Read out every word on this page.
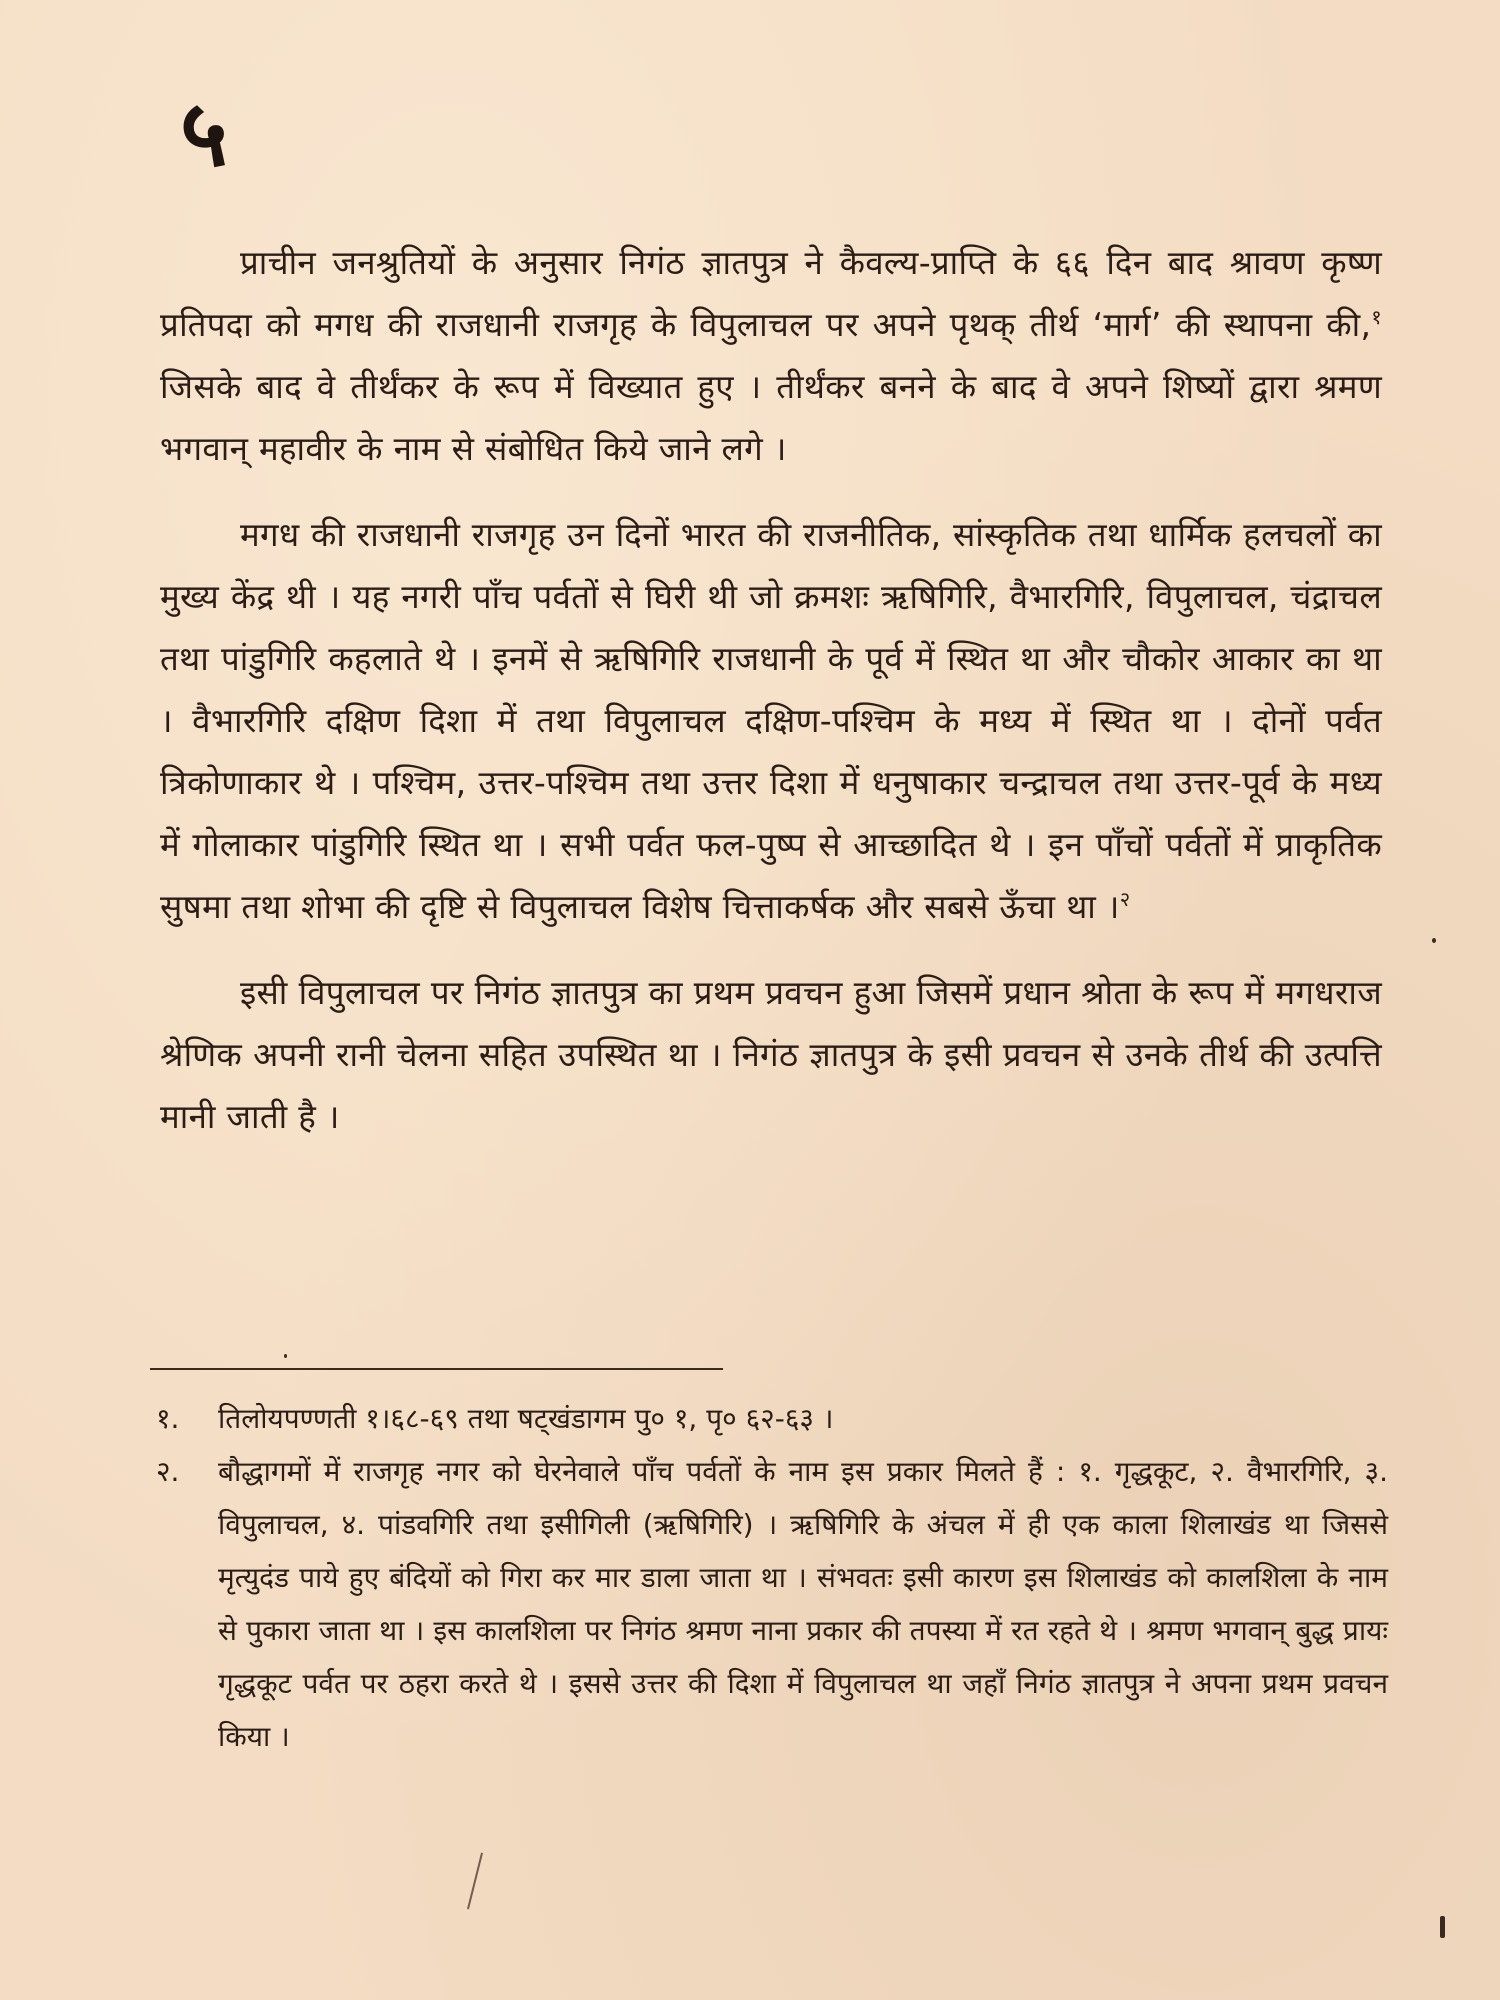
५

प्राचीन जनश्रुतियों के अनुसार निगंठ ज्ञातपुत्र ने कैवल्य-प्राप्ति के ६६ दिन बाद श्रावण कृष्ण प्रतिपदा को मगध की राजधानी राजगृह के विपुलाचल पर अपने पृथक् तीर्थ ‘मार्ग’ की स्थापना की,$^१$ जिसके बाद वे तीर्थंकर के रूप में विख्यात हुए । तीर्थंकर बनने के बाद वे अपने शिष्यों द्वारा श्रमण भगवान् महावीर के नाम से संबोधित किये जाने लगे ।

मगध की राजधानी राजगृह उन दिनों भारत की राजनीतिक, सांस्कृतिक तथा धार्मिक हलचलों का मुख्य केंद्र थी । यह नगरी पाँच पर्वतों से घिरी थी जो क्रमशः ऋषिगिरि, वैभारगिरि, विपुलाचल, चंद्राचल तथा पांडुगिरि कहलाते थे । इनमें से ऋषिगिरि राजधानी के पूर्व में स्थित था और चौकोर आकार का था । वैभारगिरि दक्षिण दिशा में तथा विपुलाचल दक्षिण-पश्चिम के मध्य में स्थित था । दोनों पर्वत त्रिकोणाकार थे । पश्चिम, उत्तर-पश्चिम तथा उत्तर दिशा में धनुषाकार चन्द्राचल तथा उत्तर-पूर्व के मध्य में गोलाकार पांडुगिरि स्थित था । सभी पर्वत फल-पुष्प से आच्छादित थे । इन पाँचों पर्वतों में प्राकृतिक सुषमा तथा शोभा की दृष्टि से विपुलाचल विशेष चित्ताकर्षक और सबसे ऊँचा था ।$^२$

इसी विपुलाचल पर निगंठ ज्ञातपुत्र का प्रथम प्रवचन हुआ जिसमें प्रधान श्रोता के रूप में मगधराज श्रेणिक अपनी रानी चेलना सहित उपस्थित था । निगंठ ज्ञातपुत्र के इसी प्रवचन से उनके तीर्थ की उत्पत्ति मानी जाती है ।

१. तिलोयपण्णती १।६८-६९ तथा षट्खंडागम पु० १, पृ० ६२-६३ ।

२. बौद्धागमों में राजगृह नगर को घेरनेवाले पाँच पर्वतों के नाम इस प्रकार मिलते हैं : १. गृद्धकूट, २. वैभारगिरि, ३. विपुलाचल, ४. पांडवगिरि तथा इसीगिली (ऋषिगिरि) । ऋषिगिरि के अंचल में ही एक काला शिलाखंड था जिससे मृत्युदंड पाये हुए बंदियों को गिरा कर मार डाला जाता था । संभवतः इसी कारण इस शिलाखंड को कालशिला के नाम से पुकारा जाता था । इस कालशिला पर निगंठ श्रमण नाना प्रकार की तपस्या में रत रहते थे । श्रमण भगवान् बुद्ध प्रायः गृद्धकूट पर्वत पर ठहरा करते थे । इससे उत्तर की दिशा में विपुलाचल था जहाँ निगंठ ज्ञातपुत्र ने अपना प्रथम प्रवचन किया ।
